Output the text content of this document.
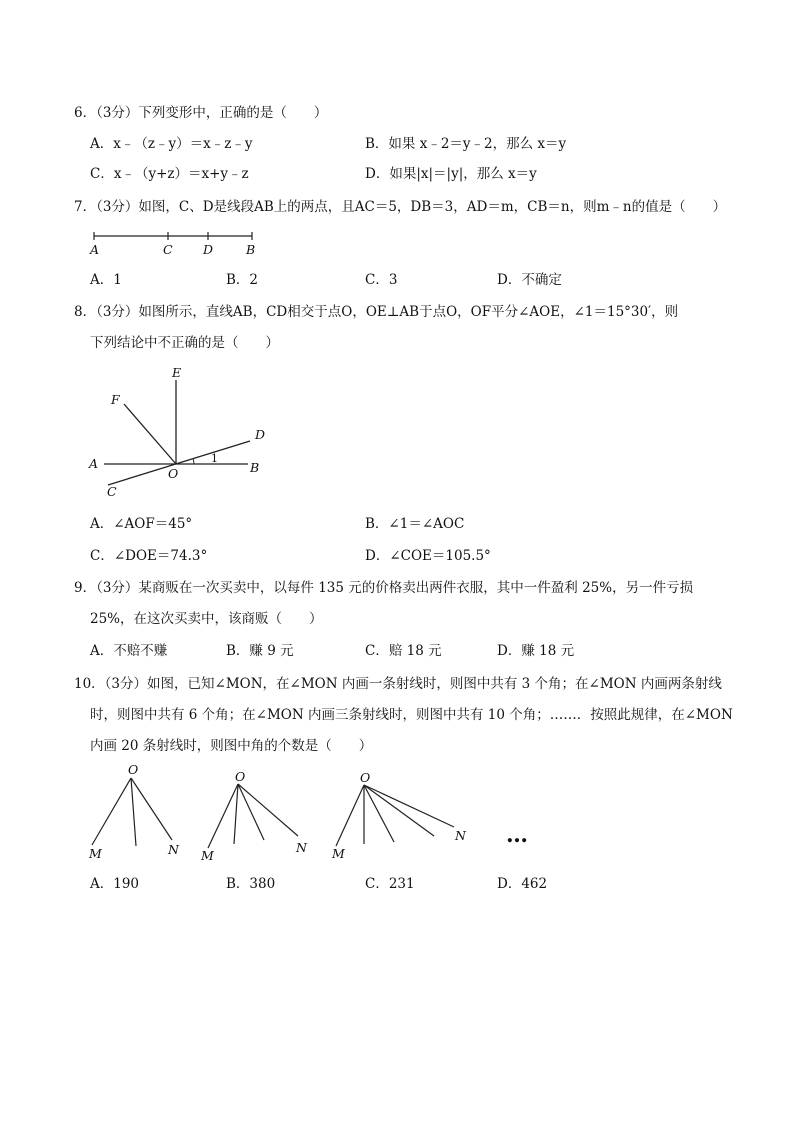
6．（3分）下列变形中，正确的是（　　）
A．x﹣（z﹣y）＝x﹣z﹣y	B．如果 x﹣2＝y﹣2，那么 x＝y
C．x﹣（y+z）＝x+y﹣z	D．如果|x|＝|y|，那么 x＝y
7．（3分）如图，C、D是线段AB上的两点，且AC＝5，DB＝3，AD＝m，CB＝n，则m﹣n的值是（　　）
A	C D	B
A．1	B．2	C．3	D．不确定
8．（3分）如图所示，直线AB，CD相交于点O，OE⊥AB于点O，OF平分∠AOE，∠1＝15°30′，则
下列结论中不正确的是（　　）
E
F
D
A
O	B
C
1
A．∠AOF＝45°	B．∠1＝∠AOC
C．∠DOE＝74.3°	D．∠COE＝105.5°
9．（3分）某商贩在一次买卖中，以每件 135 元的价格卖出两件衣服，其中一件盈利 25%，另一件亏损
25%，在这次买卖中，该商贩（　　）
A．不赔不赚	B．赚 9 元	C．赔 18 元	D．赚 18 元
10．（3分）如图，已知∠MON，在∠MON 内画一条射线时，则图中共有 3 个角；在∠MON 内画两条射线
时，则图中共有 6 个角；在∠MON 内画三条射线时，则图中共有 10 个角；……．按照此规律，在∠MON
内画 20 条射线时，则图中角的个数是（　　）
O
M	N
O
M
N
O
M
N …
A．190	B．380	C．231	D．462
